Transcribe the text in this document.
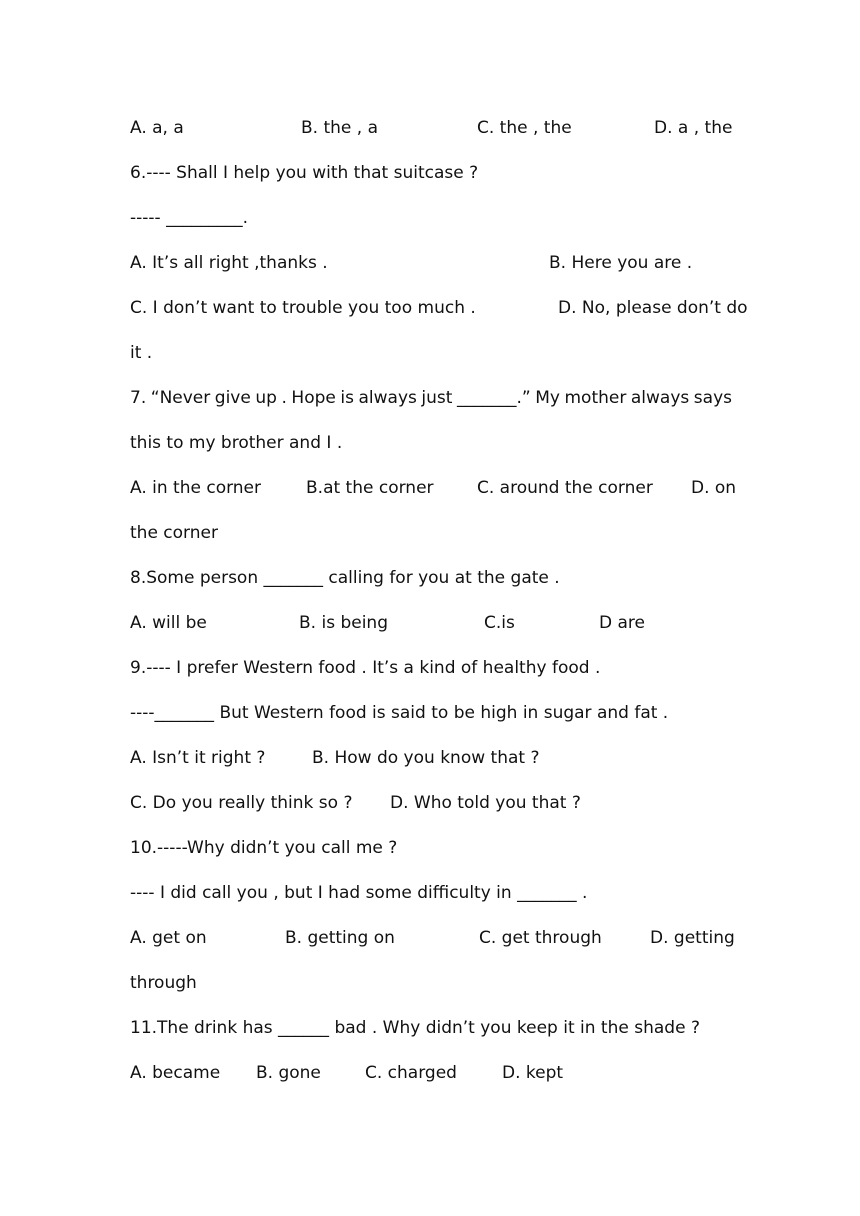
A. a, a	B. the , a	C. the , the	D. a , the
6.---- Shall I help you with that suitcase ?
----- _________.
A. It’s all right ,thanks .	B. Here you are .
C. I don’t want to trouble you too much .	D. No, please don’t do
it .
7. “Never give up . Hope is always just _______.” My mother always says
this to my brother and I .
A. in the corner	B.at the corner	C. around the corner D. on
the corner
8.Some person _______ calling for you at the gate .
A. will be	B. is being	C.is	D are
9.---- I prefer Western food . It’s a kind of healthy food .
----_______ But Western food is said to be high in sugar and fat .
A. Isn’t it right ?	B. How do you know that ?
C. Do you really think so ? D. Who told you that ?
10.-----Why didn’t you call me ?
---- I did call you , but I had some difficulty in _______ .
A. get on	B. getting on	C. get through	D. getting
through
11.The drink has ______ bad . Why didn’t you keep it in the shade ?
A. became B. gone	C. charged	D. kept
